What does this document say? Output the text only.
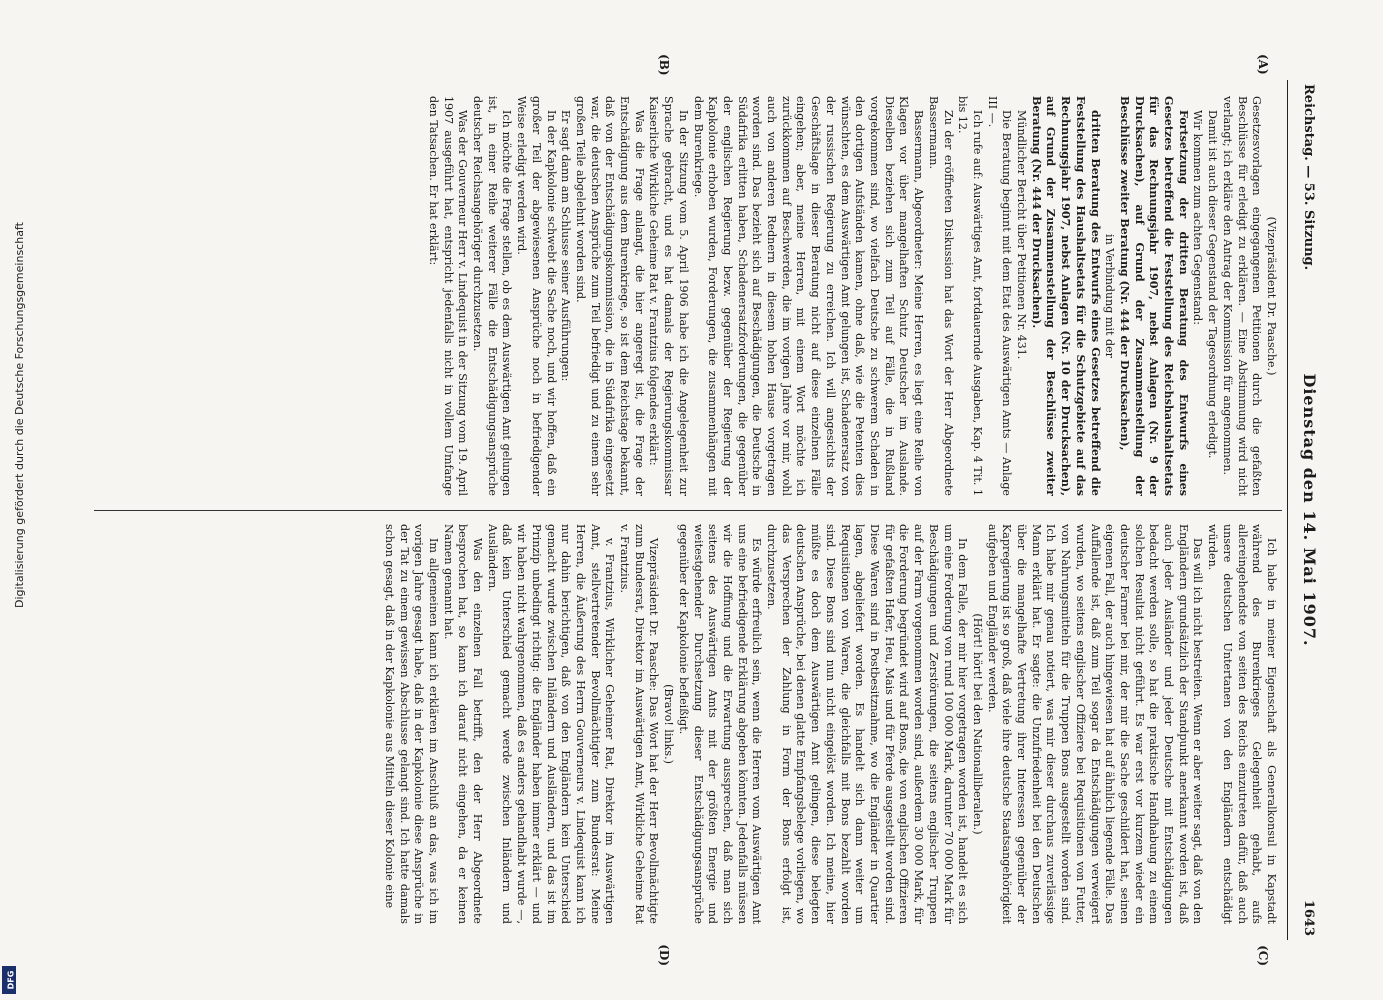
Reichstag. — 53. Sitzung.
Dienstag den 14. Mai 1907.
1643
(A)
(B)
(C)
(D)

(Vizepräsident Dr. Paasche.)

Gesetzesvorlagen eingegangenen Petitionen durch die gefaßten Beschlüsse für erledigt zu erklären. — Eine Abstimmung wird nicht verlangt; ich erkläre den Antrag der Kommission für angenommen.

Damit ist auch dieser Gegenstand der Tagesordnung erledigt.

Wir kommen zum achten Gegenstand:

Fortsetzung der dritten Beratung des Entwurfs eines Gesetzes betreffend die Feststellung des Reichshaushaltsetats für das Rechnungsjahr 1907, nebst Anlagen (Nr. 9 der Drucksachen), auf Grund der Zusammenstellung der Beschlüsse zweiter Beratung (Nr. 444 der Drucksachen),

in Verbindung mit der

dritten Beratung des Entwurfs eines Gesetzes betreffend die Feststellung des Haushaltsetats für die Schutzgebiete auf das Rechnungsjahr 1907, nebst Anlagen (Nr. 10 der Drucksachen), auf Grund der Zusammenstellung der Beschlüsse zweiter Beratung (Nr. 444 der Drucksachen).

Mündlicher Bericht über Petitionen Nr. 431.

Die Beratung beginnt mit dem Etat des Auswärtigen Amts — Anlage III —.

Ich rufe auf: Auswärtiges Amt, fortdauernde Ausgaben, Kap. 4 Tit. 1 bis 12.

Zu der eröffneten Diskussion hat das Wort der Herr Abgeordnete Bassermann.

Bassermann, Abgeordneter: Meine Herren, es liegt eine Reihe von Klagen vor über mangelhaften Schutz Deutscher im Auslande. Dieselben beziehen sich zum Teil auf Fälle, die in Rußland vorgekommen sind, wo vielfach Deutsche zu schwerem Schaden in den dortigen Aufständen kamen, ohne daß, wie die Petenten dies wünschten, es dem Auswärtigen Amt gelungen ist, Schadenersatz von der russischen Regierung zu erreichen. Ich will angesichts der Geschäftslage in dieser Beratung nicht auf diese einzelnen Fälle eingehen; aber, meine Herren, mit einem Wort möchte ich zurückkommen auf Beschwerden, die im vorigen Jahre vor mir, wohl auch von anderen Rednern in diesem hohen Hause vorgetragen worden sind. Das bezieht sich auf Beschädigungen, die Deutsche in Südafrika erlitten haben, Schadenersatzforderungen, die gegenüber der englischen Regierung bezw. gegenüber der Regierung der Kapkolonie erhoben wurden, Forderungen, die zusammenhängen mit dem Burenkriege.

In der Sitzung vom 5. April 1906 habe ich die Angelegenheit zur Sprache gebracht, und es hat damals der Regierungskommissar Kaiserliche Wirkliche Geheime Rat v. Frantzius folgendes erklärt:

Was die Frage anlangt, die hier angeregt ist, die Frage der Entschädigung aus dem Burenkriege, so ist dem Reichstage bekannt, daß von der Entschädigungskommission, die in Südafrika eingesetzt war, die deutschen Ansprüche zum Teil befriedigt und zu einem sehr großen Teile abgelehnt worden sind.

Er sagt dann am Schlusse seiner Ausführungen:

In der Kapkolonie schwebt die Sache noch, und wir hoffen, daß ein großer Teil der abgewiesenen Ansprüche noch in befriedigender Weise erledigt werden wird.

Ich möchte die Frage stellen, ob es dem Auswärtigen Amt gelungen ist, in einer Reihe weiterer Fälle die Entschädigungsansprüche deutscher Reichsangehöriger durchzusetzen.

Was der Gouverneur Herr v. Lindequist in der Sitzung vom 19. April 1907 ausgeführt hat, entspricht jedenfalls nicht in vollem Umfange den Tatsachen. Er hat erklärt:

Ich habe in meiner Eigenschaft als Generalkonsul in Kapstadt während des Burenkrieges Gelegenheit gehabt, aufs allereingehendste von seiten des Reichs einzutreten dafür, daß auch unsere deutschen Untertanen von den Engländern entschädigt würden.

Das will ich nicht bestreiten. Wenn er aber weiter sagt, daß von den Engländern grundsätzlich der Standpunkt anerkannt worden ist, daß auch jeder Ausländer und jeder Deutsche mit Entschädigungen bedacht werden solle, so hat die praktische Handhabung zu einem solchen Resultat nicht geführt. Es war erst vor kurzem wieder ein deutscher Farmer bei mir, der mir die Sache geschildert hat, seinen eigenen Fall, der auch hingewiesen hat auf ähnlich liegende Fälle. Das Auffallende ist, daß zum Teil sogar da Entschädigungen verweigert wurden, wo seitens englischer Offiziere bei Requisitionen von Futter, von Nahrungsmitteln für die Truppen Bons ausgestellt worden sind. Ich habe mir genau notiert, was mir dieser durchaus zuverlässige Mann erklärt hat. Er sagte: die Unzufriedenheit bei den Deutschen über die mangelhafte Vertretung ihrer Interessen gegenüber der Kapregierung ist so groß, daß viele ihre deutsche Staatsangehörigkeit aufgeben und Engländer werden.

(Hört! hört! bei den Nationalliberalen.)

In dem Falle, der mir hier vorgetragen worden ist, handelt es sich um eine Forderung von rund 100 000 Mark, darunter 70 000 Mark für Beschädigungen und Zerstörungen, die seitens englischer Truppen auf der Farm vorgenommen worden sind, außerdem 30 000 Mark, für die Forderung begründet wird auf Bons, die von englischen Offizieren für gefaßten Hafer, Heu, Mais und für Pferde ausgestellt worden sind. Diese Waren sind in Postbesitznahme, wo die Engländer in Quartier lagen, abgeliefert worden. Es handelt sich dann weiter um Requisitionen von Waren, die gleichfalls mit Bons bezahlt worden sind. Diese Bons sind nun nicht eingelöst worden. Ich meine, hier müßte es doch dem Auswärtigen Amt gelingen, diese belegten deutschen Ansprüche, bei denen glatte Empfangsbelege vorliegen, wo das Versprechen der Zahlung in Form der Bons erfolgt ist, durchzusetzen.

Es würde erfreulich sein, wenn die Herren vom Auswärtigen Amt uns eine befriedigende Erklärung abgeben könnten. Jedenfalls müssen wir die Hoffnung und die Erwartung aussprechen, daß man sich seitens des Auswärtigen Amts mit der größten Energie und weitestgehender Durchsetzung dieser Entschädigungsansprüche gegenüber der Kapkolonie befleißigt.

(Bravo! links.)

Vizepräsident Dr. Paasche: Das Wort hat der Herr Bevollmächtigte zum Bundesrat, Direktor im Auswärtigen Amt, Wirkliche Geheime Rat v. Frantzius.

v. Frantzius, Wirklicher Geheimer Rat, Direktor im Auswärtigen Amt, stellvertretender Bevollmächtigter zum Bundesrat: Meine Herren, die Äußerung des Herrn Gouverneurs v. Lindequist kann ich nur dahin berichtigen, daß von den Engländern kein Unterschied gemacht wurde zwischen Inländern und Ausländern, und das ist im Prinzip unbedingt richtig: die Engländer haben immer erklärt — und wir haben nicht wahrgenommen, daß es anders gehandhabt wurde —, daß kein Unterschied gemacht werde zwischen Inländern und Ausländern.

Was den einzelnen Fall betrifft, den der Herr Abgeordnete besprochen hat, so kann ich darauf nicht eingehen, da er keinen Namen genannt hat.

Im allgemeinen kann ich erklären im Anschluß an das, was ich im vorigen Jahre gesagt habe, daß in der Kapkolonie diese Ansprüche in der Tat zu einem gewissen Abschlusse gelangt sind. Ich hatte damals schon gesagt, daß in der Kapkolonie aus Mitteln dieser Kolonie eine

Digitalisierung gefördert durch die Deutsche Forschungsgemeinschaft
DFG
